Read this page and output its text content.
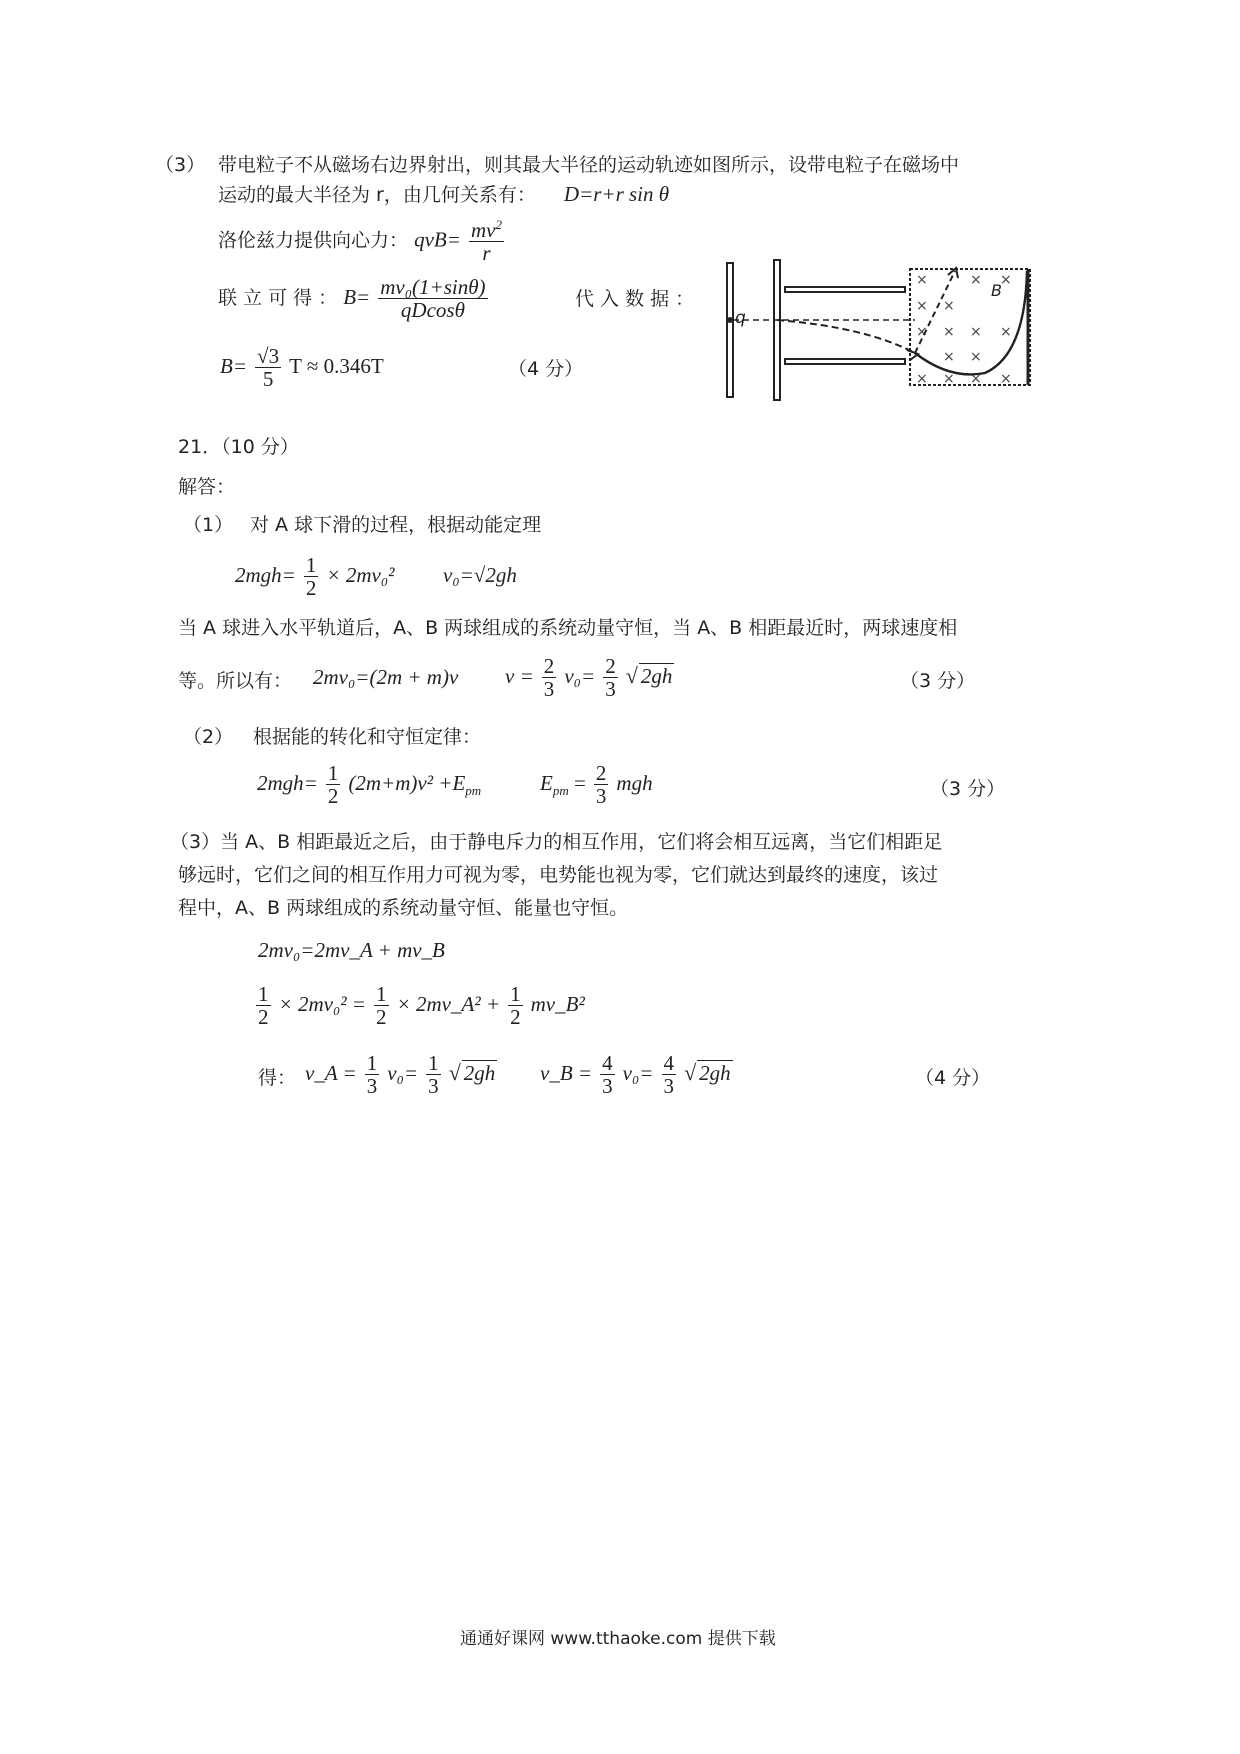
（3） 带电粒子不从磁场右边界射出，则其最大半径的运动轨迹如图所示，设带电粒子在磁场中
运动的最大半径为 r，由几何关系有： D=r+r sin θ
洛伦兹力提供向心力： $qvB= \frac{mv^2}{r}$
联 立 可 得 ： $B= \frac{\text{mv₀(1+sinθ)}}{qDcos\theta}$	代 入 数 据 ：
$B= \frac{√3}{5}$ T ≈ 0.346T	（4 分）
×	× ×
× ×
× × × ×
× ×
× × × ×
q
B
21．（10 分）
解答：
（1） 对 A 球下滑的过程，根据动能定理
$2mgh= \frac{1}{2} \times 2mv_0^2$ v₀=√2gh
当 A 球进入水平轨道后，A、B 两球组成的系统动量守恒，当 A、B 相距最近时，两球速度相
等。所以有： 2mv₀=(2m + m)v $v = \frac{2}{3} v_0= \frac{2}{3}$ √ 2gh	（3 分）
（2） 根据能的转化和守恒定律：
$2mgh= \frac{1}{2} (2m+m)v^2 +E_{pm}$	$E_{pm} = \frac{2}{3}$ mgh	（3 分）
（3）当 A、B 相距最近之后，由于静电斥力的相互作用，它们将会相互远离，当它们相距足
够远时，它们之间的相互作用力可视为零，电势能也视为零，它们就达到最终的速度，该过
程中，A、B 两球组成的系统动量守恒、能量也守恒。
2mv₀=2mv_A + mv_B
$\frac{1}{2} \times 2mv_0^2 = \frac{1}{2}$ × 2mv_A² + $\frac{1}{2}$ mv_B²
得： v_A = $\frac{1}{3} v_0= \frac{1}{3}$ √ 2gh v_B = $\frac{4}{3} v_0= \frac{4}{3}$ √ 2gh	（4 分）
通通好课网 www.tthaoke.com 提供下载
